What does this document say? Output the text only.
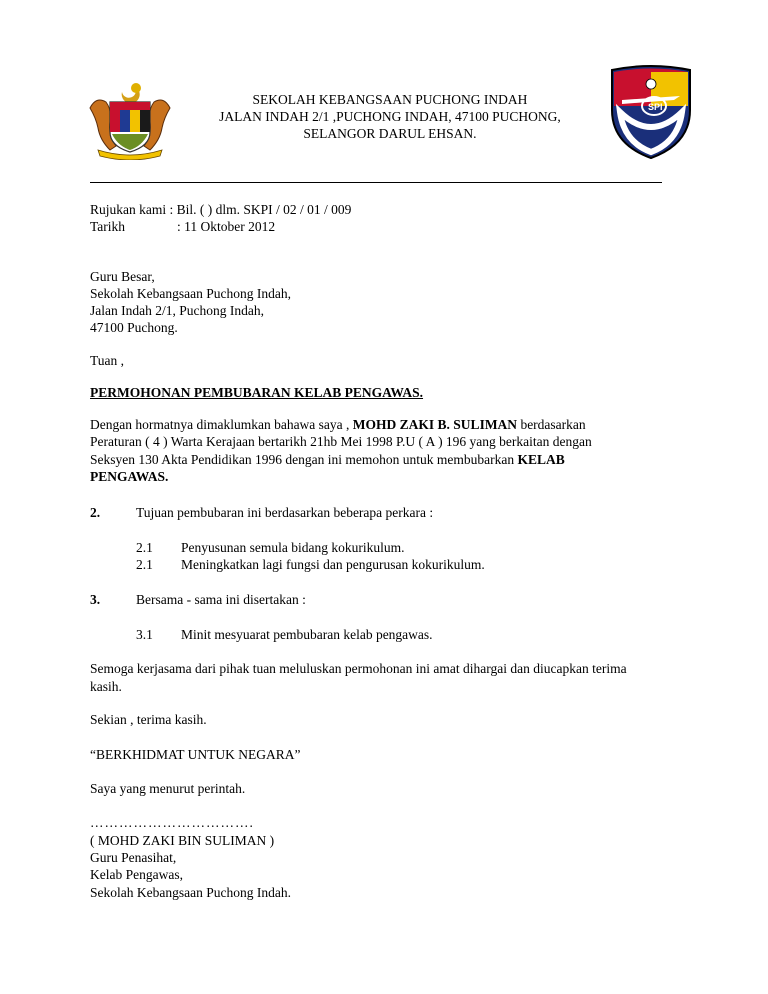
SPI
SEKOLAH KEBANGSAAN PUCHONG INDAH
JALAN INDAH 2/1 ,PUCHONG INDAH, 47100 PUCHONG,
SELANGOR DARUL EHSAN.
Rujukan kami : Bil. ( ) dlm. SKPI / 02 / 01 / 009
Tarikh	: 11 Oktober 2012
Guru Besar,
Sekolah Kebangsaan Puchong Indah,
Jalan Indah 2/1, Puchong Indah,
47100 Puchong.
Tuan ,
PERMOHONAN PEMBUBARAN KELAB PENGAWAS.
Dengan hormatnya dimaklumkan bahawa saya , MOHD ZAKI B. SULIMAN berdasarkan
Peraturan ( 4 ) Warta Kerajaan bertarikh 21hb Mei 1998 P.U ( A ) 196 yang berkaitan dengan
Seksyen 130 Akta Pendidikan 1996 dengan ini memohon untuk membubarkan KELAB
PENGAWAS.
2.	Tujuan pembubaran ini berdasarkan beberapa perkara :
2.1 Penyusunan semula bidang kokurikulum.
2.1 Meningkatkan lagi fungsi dan pengurusan kokurikulum.
3.	Bersama - sama ini disertakan :
3.1 Minit mesyuarat pembubaran kelab pengawas.
Semoga kerjasama dari pihak tuan meluluskan permohonan ini amat dihargai dan diucapkan terima
kasih.
Sekian , terima kasih.
“BERKHIDMAT UNTUK NEGARA”
Saya yang menurut perintah.
…………………………….
( MOHD ZAKI BIN SULIMAN )
Guru Penasihat,
Kelab Pengawas,
Sekolah Kebangsaan Puchong Indah.
